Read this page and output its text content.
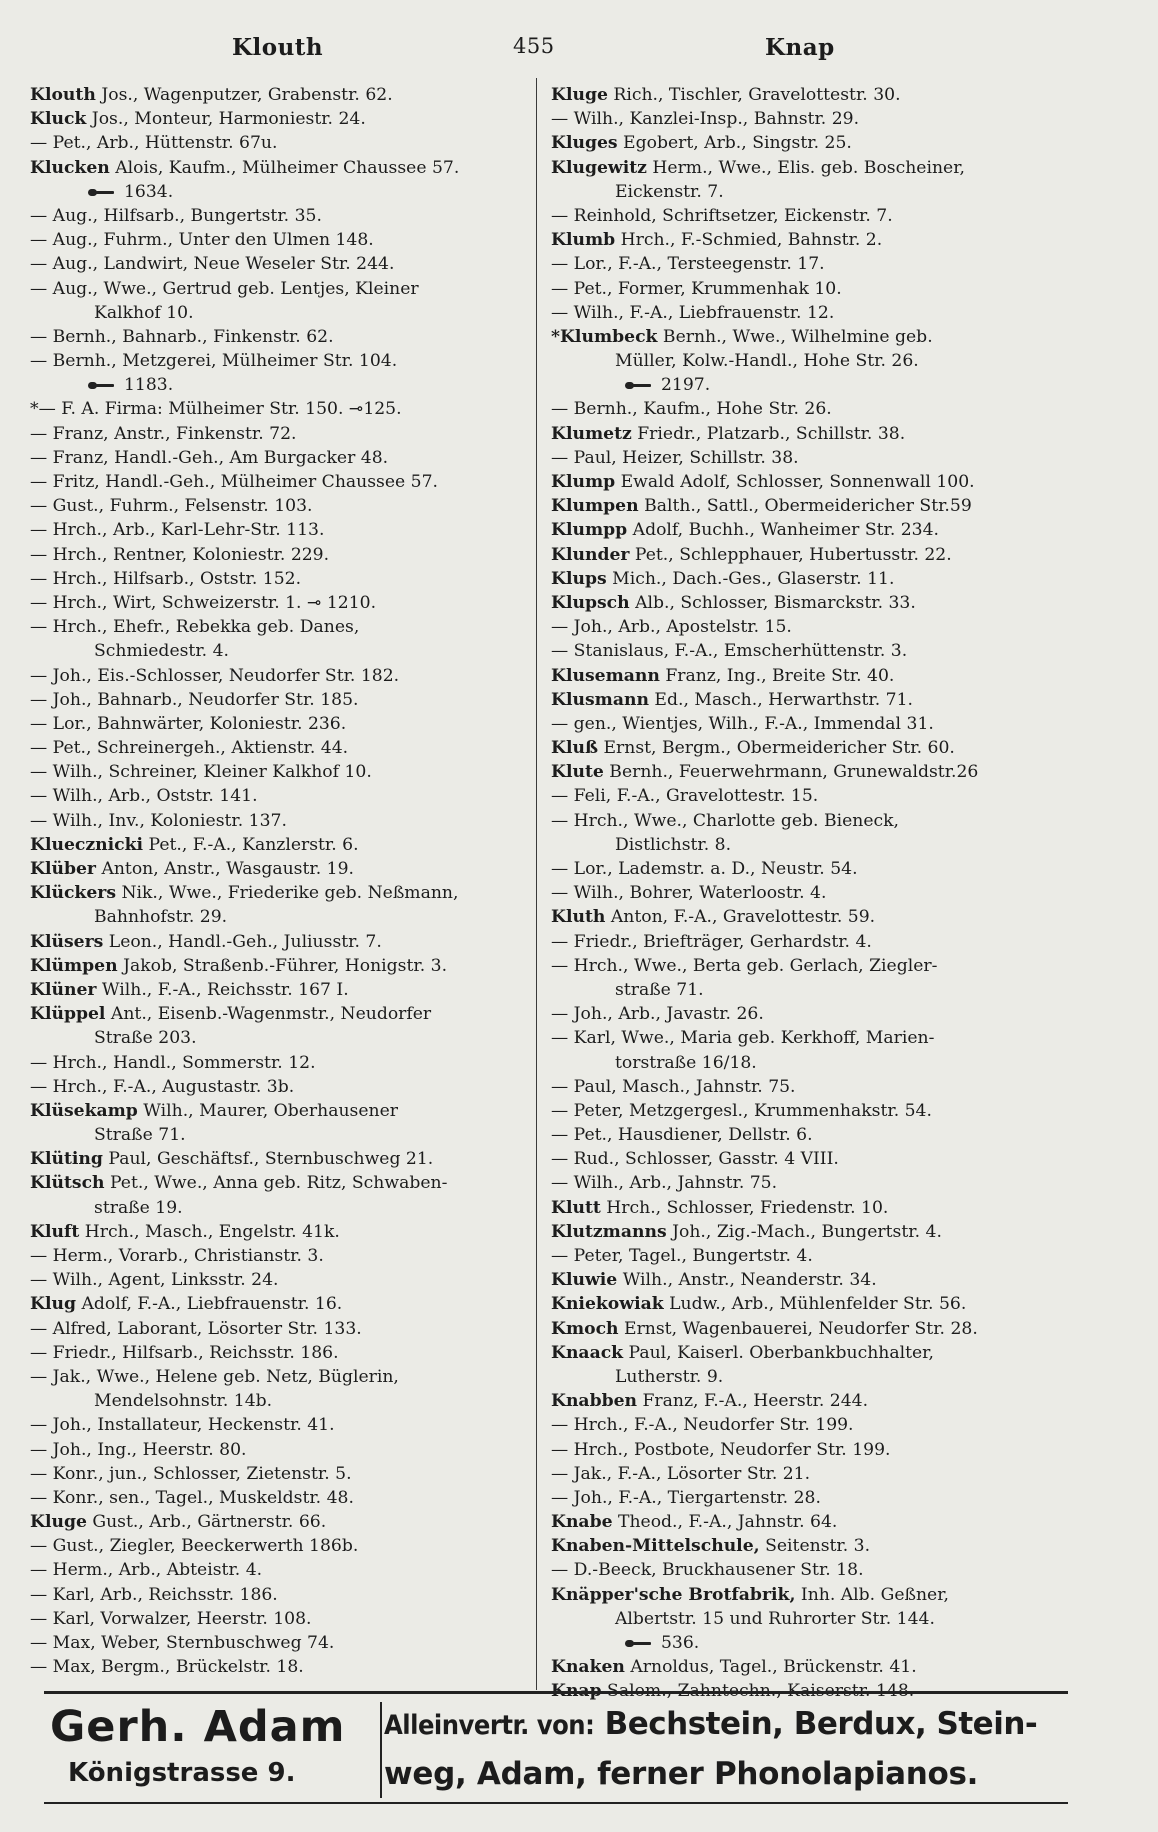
Klouth	455	Knap
Klouth Jos., Wagenputzer, Grabenstr. 62.
Kluck Jos., Monteur, Harmoniestr. 24.
— Pet., Arb., Hüttenstr. 67u.
Klucken Alois, Kaufm., Mülheimer Chaussee 57.
1634.
— Aug., Hilfsarb., Bungertstr. 35.
— Aug., Fuhrm., Unter den Ulmen 148.
— Aug., Landwirt, Neue Weseler Str. 244.
— Aug., Wwe., Gertrud geb. Lentjes, Kleiner
Kalkhof 10.
— Bernh., Bahnarb., Finkenstr. 62.
— Bernh., Metzgerei, Mülheimer Str. 104.
1183.
*— F. A. Firma: Mülheimer Str. 150. ⊸125.
— Franz, Anstr., Finkenstr. 72.
— Franz, Handl.-Geh., Am Burgacker 48.
— Fritz, Handl.-Geh., Mülheimer Chaussee 57.
— Gust., Fuhrm., Felsenstr. 103.
— Hrch., Arb., Karl-Lehr-Str. 113.
— Hrch., Rentner, Koloniestr. 229.
— Hrch., Hilfsarb., Oststr. 152.
— Hrch., Wirt, Schweizerstr. 1. ⊸ 1210.
— Hrch., Ehefr., Rebekka geb. Danes,
Schmiedestr. 4.
— Joh., Eis.-Schlosser, Neudorfer Str. 182.
— Joh., Bahnarb., Neudorfer Str. 185.
— Lor., Bahnwärter, Koloniestr. 236.
— Pet., Schreinergeh., Aktienstr. 44.
— Wilh., Schreiner, Kleiner Kalkhof 10.
— Wilh., Arb., Oststr. 141.
— Wilh., Inv., Koloniestr. 137.
Kluecznicki Pet., F.-A., Kanzlerstr. 6.
Klüber Anton, Anstr., Wasgaustr. 19.
Klückers Nik., Wwe., Friederike geb. Neßmann,
Bahnhofstr. 29.
Klüsers Leon., Handl.-Geh., Juliusstr. 7.
Klümpen Jakob, Straßenb.-Führer, Honigstr. 3.
Klüner Wilh., F.-A., Reichsstr. 167 I.
Klüppel Ant., Eisenb.-Wagenmstr., Neudorfer
Straße 203.
— Hrch., Handl., Sommerstr. 12.
— Hrch., F.-A., Augustastr. 3b.
Klüsekamp Wilh., Maurer, Oberhausener
Straße 71.
Klüting Paul, Geschäftsf., Sternbuschweg 21.
Klütsch Pet., Wwe., Anna geb. Ritz, Schwaben-
straße 19.
Kluft Hrch., Masch., Engelstr. 41k.
— Herm., Vorarb., Christianstr. 3.
— Wilh., Agent, Linksstr. 24.
Klug Adolf, F.-A., Liebfrauenstr. 16.
— Alfred, Laborant, Lösorter Str. 133.
— Friedr., Hilfsarb., Reichsstr. 186.
— Jak., Wwe., Helene geb. Netz, Büglerin,
Mendelsohnstr. 14b.
— Joh., Installateur, Heckenstr. 41.
— Joh., Ing., Heerstr. 80.
— Konr., jun., Schlosser, Zietenstr. 5.
— Konr., sen., Tagel., Muskeldstr. 48.
Kluge Gust., Arb., Gärtnerstr. 66.
— Gust., Ziegler, Beeckerwerth 186b.
— Herm., Arb., Abteistr. 4.
— Karl, Arb., Reichsstr. 186.
— Karl, Vorwalzer, Heerstr. 108.
— Max, Weber, Sternbuschweg 74.
— Max, Bergm., Brückelstr. 18.
Kluge Rich., Tischler, Gravelottestr. 30.
— Wilh., Kanzlei-Insp., Bahnstr. 29.
Kluges Egobert, Arb., Singstr. 25.
Klugewitz Herm., Wwe., Elis. geb. Boscheiner,
Eickenstr. 7.
— Reinhold, Schriftsetzer, Eickenstr. 7.
Klumb Hrch., F.-Schmied, Bahnstr. 2.
— Lor., F.-A., Tersteegenstr. 17.
— Pet., Former, Krummenhak 10.
— Wilh., F.-A., Liebfrauenstr. 12.
*Klumbeck Bernh., Wwe., Wilhelmine geb.
Müller, Kolw.-Handl., Hohe Str. 26.
2197.
— Bernh., Kaufm., Hohe Str. 26.
Klumetz Friedr., Platzarb., Schillstr. 38.
— Paul, Heizer, Schillstr. 38.
Klump Ewald Adolf, Schlosser, Sonnenwall 100.
Klumpen Balth., Sattl., Obermeidericher Str.59
Klumpp Adolf, Buchh., Wanheimer Str. 234.
Klunder Pet., Schlepphauer, Hubertusstr. 22.
Klups Mich., Dach.-Ges., Glaserstr. 11.
Klupsch Alb., Schlosser, Bismarckstr. 33.
— Joh., Arb., Apostelstr. 15.
— Stanislaus, F.-A., Emscherhüttenstr. 3.
Klusemann Franz, Ing., Breite Str. 40.
Klusmann Ed., Masch., Herwarthstr. 71.
— gen., Wientjes, Wilh., F.-A., Immendal 31.
Kluß Ernst, Bergm., Obermeidericher Str. 60.
Klute Bernh., Feuerwehrmann, Grunewaldstr.26
— Feli, F.-A., Gravelottestr. 15.
— Hrch., Wwe., Charlotte geb. Bieneck,
Distlichstr. 8.
— Lor., Lademstr. a. D., Neustr. 54.
— Wilh., Bohrer, Waterloostr. 4.
Kluth Anton, F.-A., Gravelottestr. 59.
— Friedr., Briefträger, Gerhardstr. 4.
— Hrch., Wwe., Berta geb. Gerlach, Ziegler-
straße 71.
— Joh., Arb., Javastr. 26.
— Karl, Wwe., Maria geb. Kerkhoff, Marien-
torstraße 16/18.
— Paul, Masch., Jahnstr. 75.
— Peter, Metzgergesl., Krummenhakstr. 54.
— Pet., Hausdiener, Dellstr. 6.
— Rud., Schlosser, Gasstr. 4 VIII.
— Wilh., Arb., Jahnstr. 75.
Klutt Hrch., Schlosser, Friedenstr. 10.
Klutzmanns Joh., Zig.-Mach., Bungertstr. 4.
— Peter, Tagel., Bungertstr. 4.
Kluwie Wilh., Anstr., Neanderstr. 34.
Kniekowiak Ludw., Arb., Mühlenfelder Str. 56.
Kmoch Ernst, Wagenbauerei, Neudorfer Str. 28.
Knaack Paul, Kaiserl. Oberbankbuchhalter,
Lutherstr. 9.
Knabben Franz, F.-A., Heerstr. 244.
— Hrch., F.-A., Neudorfer Str. 199.
— Hrch., Postbote, Neudorfer Str. 199.
— Jak., F.-A., Lösorter Str. 21.
— Joh., F.-A., Tiergartenstr. 28.
Knabe Theod., F.-A., Jahnstr. 64.
Knaben-Mittelschule, Seitenstr. 3.
— D.-Beeck, Bruckhausener Str. 18.
Knäpper'sche Brotfabrik, Inh. Alb. Geßner,
Albertstr. 15 und Ruhrorter Str. 144.
536.
Knaken Arnoldus, Tagel., Brückenstr. 41.
Gerh. Adam
Königstrasse 9.
Alleinvertr. von: Bechstein, Berdux, Stein-
weg, Adam, ferner Phonolapianos.
